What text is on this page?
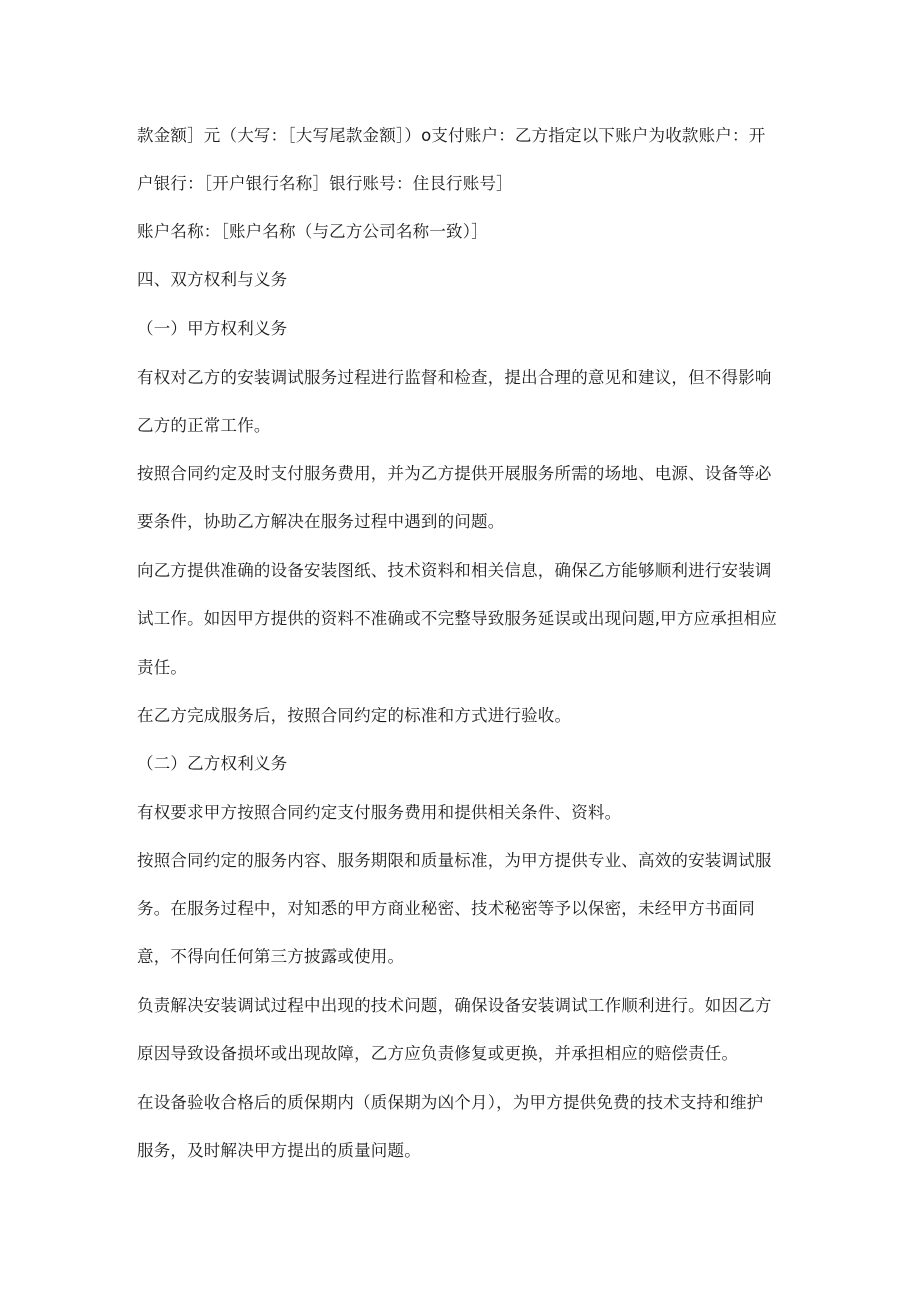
款金额］元（大写：［大写尾款金额］）o支付账户：乙方指定以下账户为收款账户：开
户银行：［开户银行名称］银行账号：住艮行账号］
账户名称：［账户名称（与乙方公司名称一致）］
四、双方权利与义务
（一）甲方权利义务
有权对乙方的安装调试服务过程进行监督和检查，提出合理的意见和建议，但不得影响
乙方的正常工作。
按照合同约定及时支付服务费用，并为乙方提供开展服务所需的场地、电源、设备等必
要条件，协助乙方解决在服务过程中遇到的问题。
向乙方提供准确的设备安装图纸、技术资料和相关信息，确保乙方能够顺利进行安装调
试工作。如因甲方提供的资料不准确或不完整导致服务延误或出现问题,甲方应承担相应
责任。
在乙方完成服务后，按照合同约定的标准和方式进行验收。
（二）乙方权利义务
有权要求甲方按照合同约定支付服务费用和提供相关条件、资料。
按照合同约定的服务内容、服务期限和质量标准，为甲方提供专业、高效的安装调试服
务。在服务过程中，对知悉的甲方商业秘密、技术秘密等予以保密，未经甲方书面同
意，不得向任何第三方披露或使用。
负责解决安装调试过程中出现的技术问题，确保设备安装调试工作顺利进行。如因乙方
原因导致设备损坏或出现故障，乙方应负责修复或更换，并承担相应的赔偿责任。
在设备验收合格后的质保期内（质保期为凶个月），为甲方提供免费的技术支持和维护
服务，及时解决甲方提出的质量问题。
